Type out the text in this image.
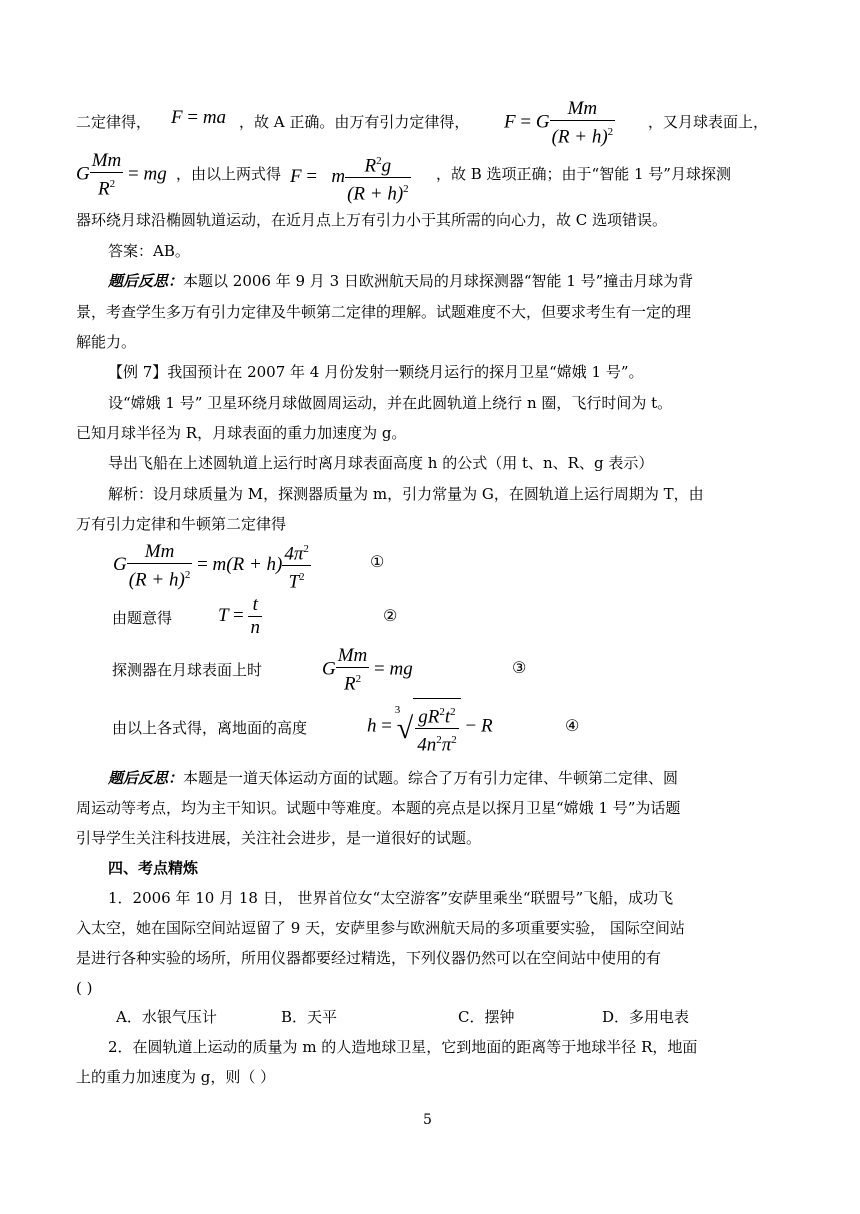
二定律得， F = ma ，故 A 正确。由万有引力定律得， F = G $\frac{Mm}{(R + h)^2}$ ，又月球表面上，
G $\frac{Mm}{R^2}$ = mg ，由以上两式得 F =   m $\frac{R^2g}{(R + h)^2}$ ，故 B 选项正确；由于“智能 1 号”月球探测
器环绕月球沿椭圆轨道运动，在近月点上万有引力小于其所需的向心力，故 C 选项错误。
答案：AB。
题后反思：本题以 2006 年 9 月 3 日欧洲航天局的月球探测器“智能 1 号”撞击月球为背
景，考查学生多万有引力定律及牛顿第二定律的理解。试题难度不大，但要求考生有一定的理
解能力。
【例 7】我国预计在 2007 年 4 月份发射一颗绕月运行的探月卫星“嫦娥 1 号”。
设“嫦娥 1 号” 卫星环绕月球做圆周运动，并在此圆轨道上绕行 n 圈，飞行时间为 t。
已知月球半径为 R，月球表面的重力加速度为 g。
导出飞船在上述圆轨道上运行时离月球表面高度 h 的公式（用 t、n、R、g 表示）
解析：设月球质量为 M，探测器质量为 m，引力常量为 G，在圆轨道上运行周期为 T，由
万有引力定律和牛顿第二定律得
G $\frac{Mm}{(R + h)^2} = m(R + h) \frac{4\pi^2}{T^2}$	①
由题意得	$T = \frac{t}{n}$	②
探测器在月球表面上时	G $\frac{Mm}{R^2}$ = mg	③
由以上各式得，离地面的高度	h =
3
√ $\frac{gR^2t^2}{4n^2\pi^2} - R$	④
题后反思：本题是一道天体运动方面的试题。综合了万有引力定律、牛顿第二定律、圆
周运动等考点，均为主干知识。试题中等难度。本题的亮点是以探月卫星“嫦娥 1 号”为话题
引导学生关注科技进展，关注社会进步，是一道很好的试题。
四、考点精炼
1．2006 年 10 月 18 日， 世界首位女“太空游客”安萨里乘坐“联盟号”飞船，成功飞
入太空，她在国际空间站逗留了 9 天，安萨里参与欧洲航天局的多项重要实验， 国际空间站
是进行各种实验的场所，所用仪器都要经过精选，下列仪器仍然可以在空间站中使用的有
( )
A．水银气压计	B．天平	C．摆钟	D．多用电表
2．在圆轨道上运动的质量为 m 的人造地球卫星，它到地面的距离等于地球半径 R，地面
上的重力加速度为 g，则（ ）
5
